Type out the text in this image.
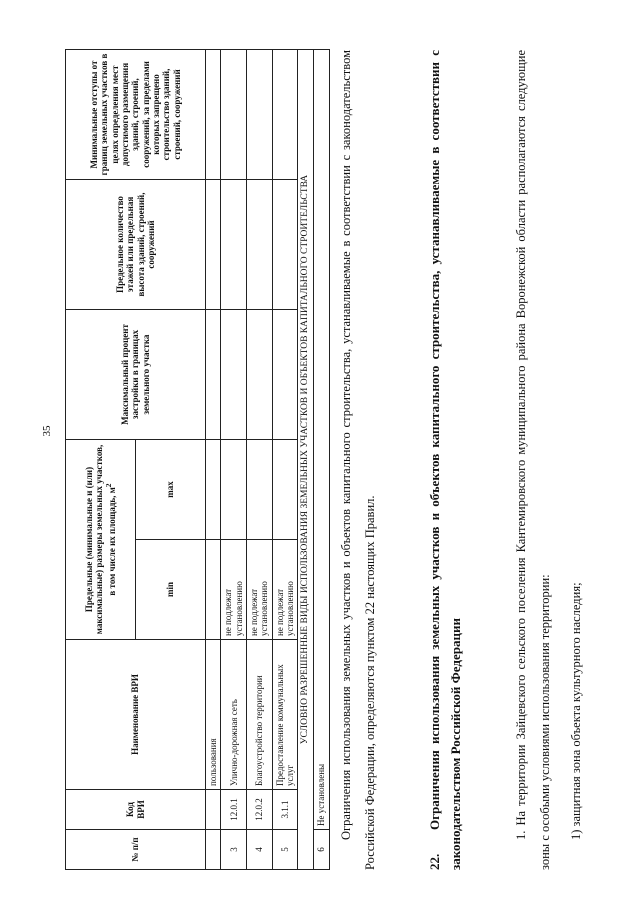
35
№ п/п	Код ВРИ	Наименование ВРИ	Предельные (минимальные и (или) максимальные) размеры земельных участков, в том числе их площадь, $м^2$		Максимальный процент застройки в границах земельного участка	Предельное количество этажей или предельная высота зданий, строений, сооружений	Минимальные отступы от границ земельных участков в целях определения мест допустимого размещения зданий, строений, сооружений, за пределами которых запрещено строительство зданий, строений, сооружений
			min	max			
		пользования					
3	12.0.1	Улично-дорожная сеть	не подлежат установлению				
4	12.0.2	Благоустройство территории	не подлежат установлению				
5	3.1.1	Предоставление коммунальных услуг	не подлежат установлению				
УСЛОВНО РАЗРЕШЕННЫЕ ВИДЫ ИСПОЛЬЗОВАНИЯ ЗЕМЕЛЬНЫХ УЧАСТКОВ И ОБЪЕКТОВ КАПИТАЛЬНОГО СТРОИТЕЛЬСТВА							
6	Не установлены							Ограничения использования земельных участков и объектов капитального строительства, устанавливаемые в соответствии с законодательством Российской Федерации, определяются пунктом 22 настоящих Правил.	22.Ограничения использования земельных участков и объектов капитального строительства, устанавливаемые в соответствии с законодательством Российской Федерации	1. На территории Зайцевского сельского поселения Кантемировского муниципального района Воронежской области располагаются следующие зоны с особыми условиями использования территории:	1) защитная зона объекта культурного наследия;
